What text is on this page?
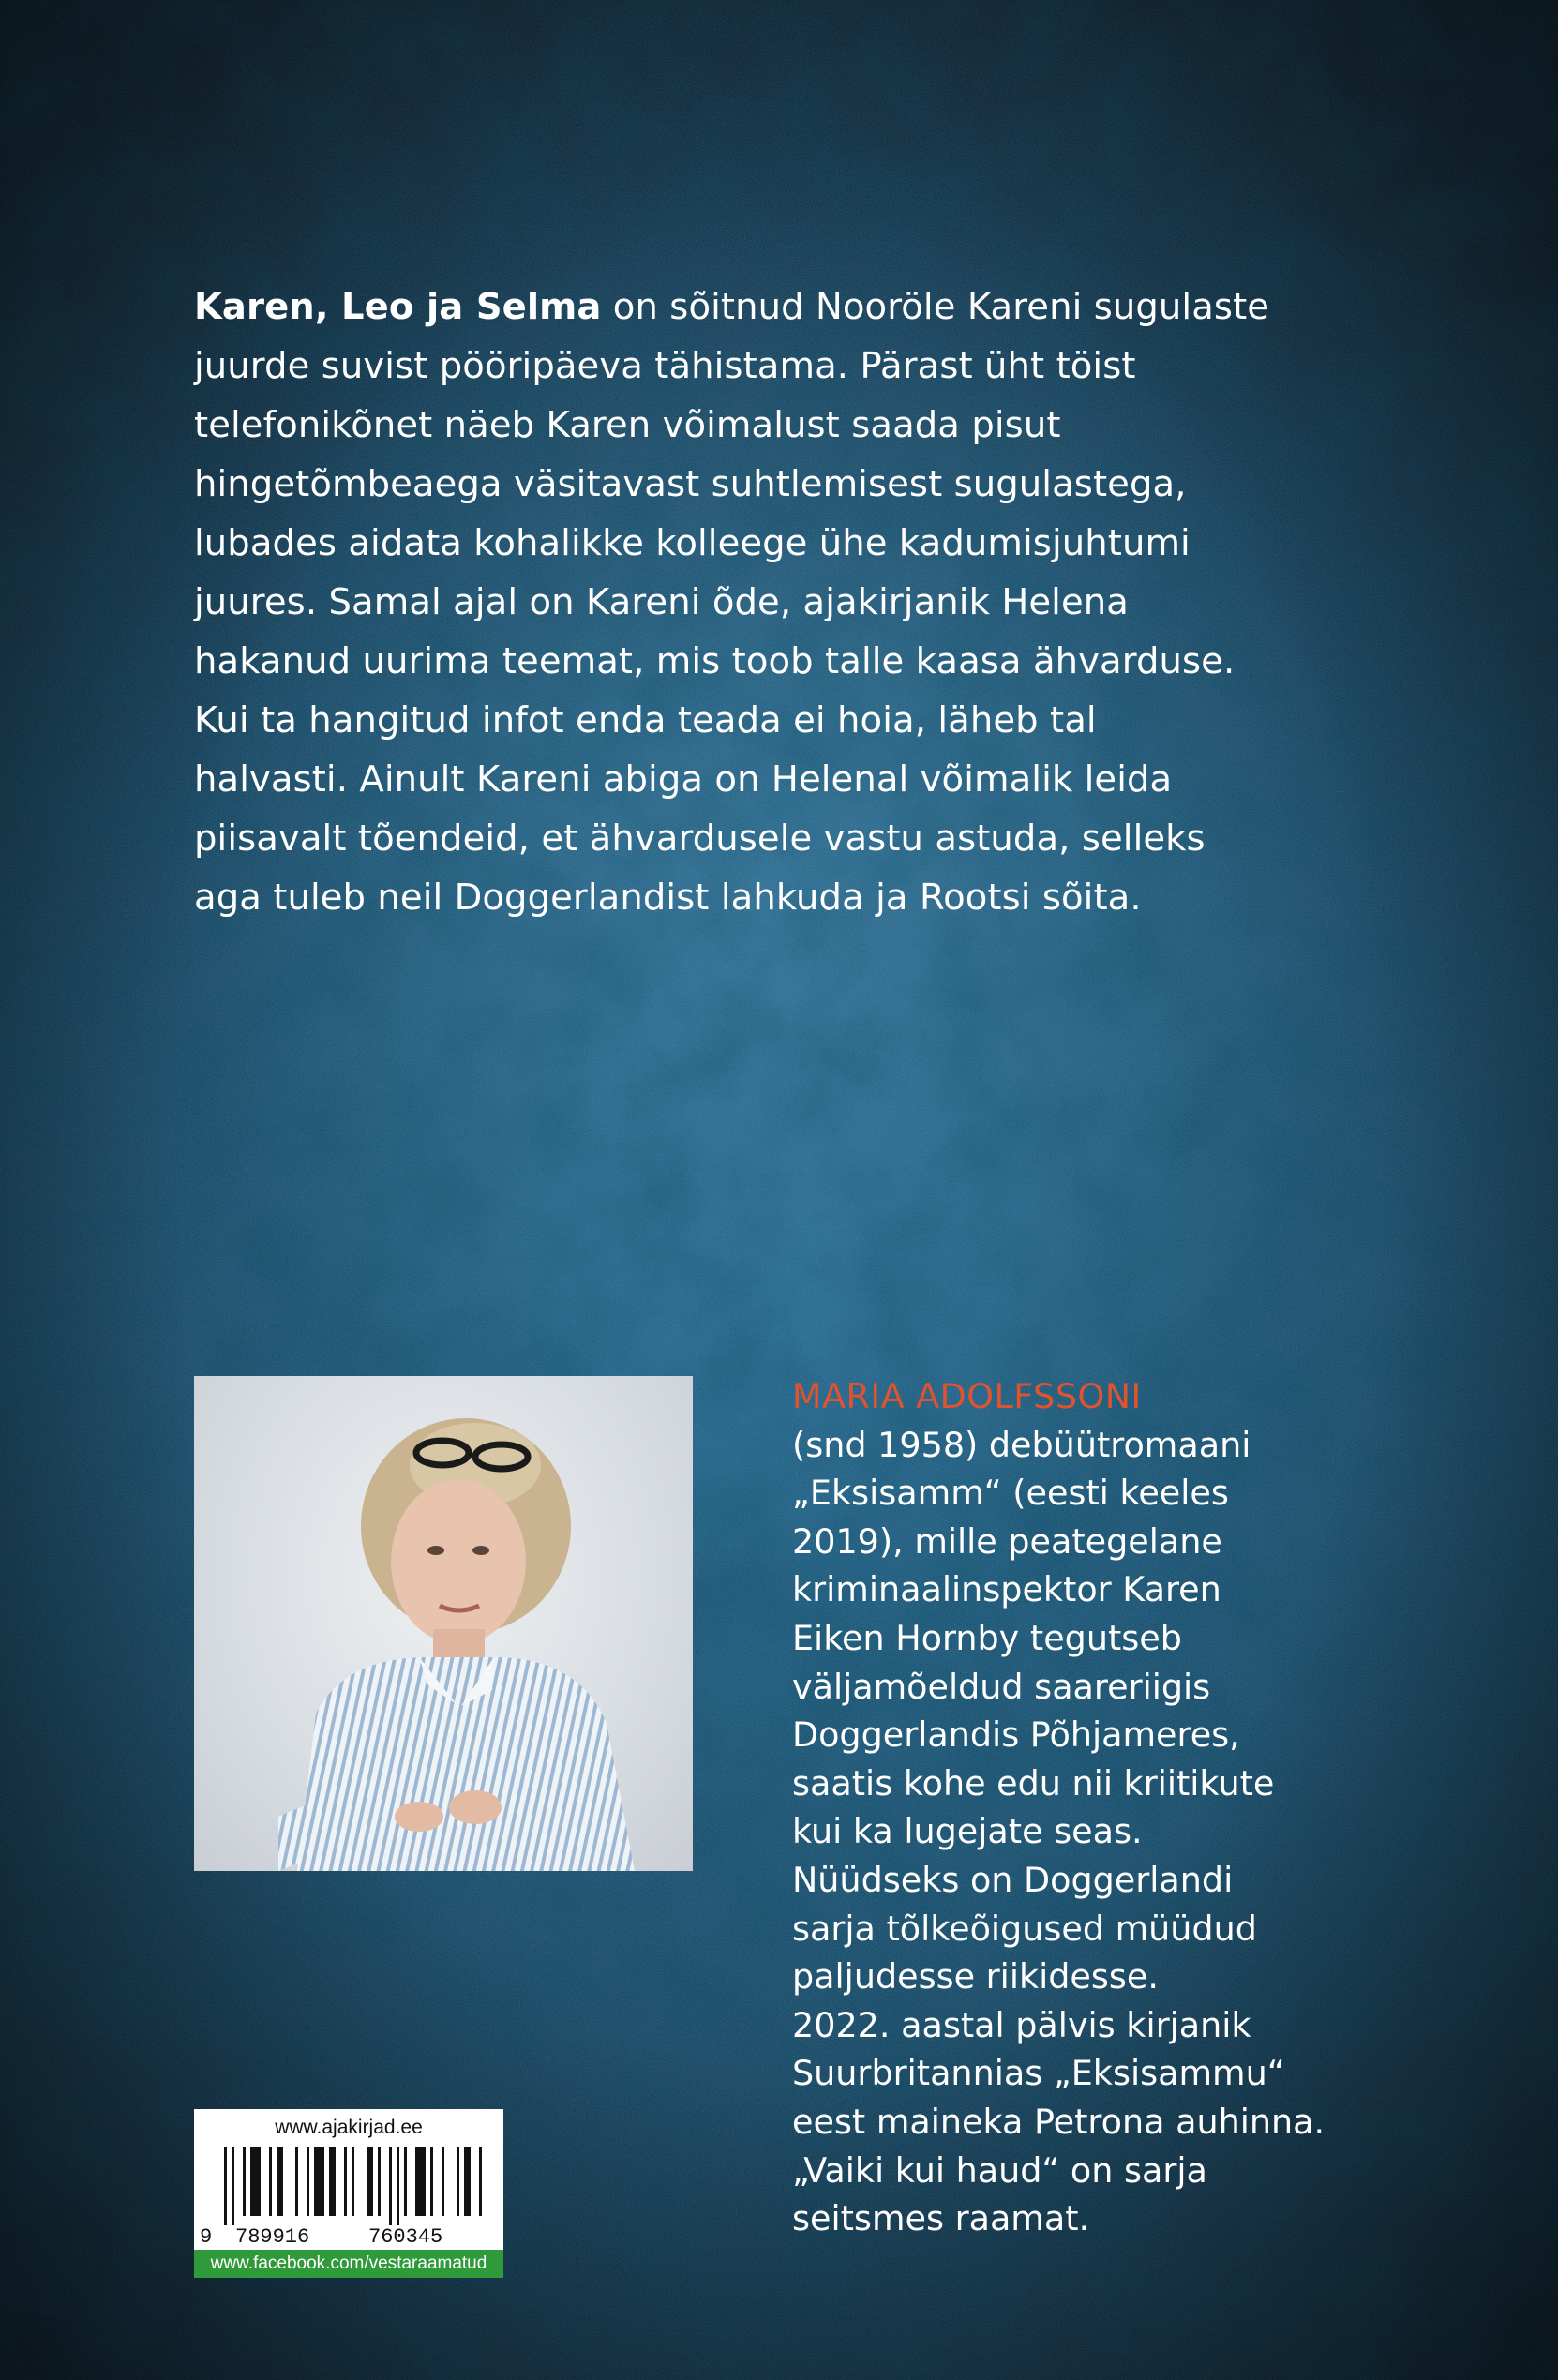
Karen, Leo ja Selma on sõitnud Nooröle Kareni sugulaste
juurde suvist pööripäeva tähistama. Pärast üht töist
telefonikõnet näeb Karen võimalust saada pisut
hingetõmbeaega väsitavast suhtlemisest sugulastega,
lubades aidata kohalikke kolleege ühe kadumisjuhtumi
juures. Samal ajal on Kareni õde, ajakirjanik Helena
hakanud uurima teemat, mis toob talle kaasa ähvarduse.
Kui ta hangitud infot enda teada ei hoia, läheb tal
halvasti. Ainult Kareni abiga on Helenal võimalik leida
piisavalt tõendeid, et ähvardusele vastu astuda, selleks
aga tuleb neil Doggerlandist lahkuda ja Rootsi sõita.
MARIA ADOLFSSONI
(snd 1958) debüütromaani
„Eksisamm“ (eesti keeles
2019), mille peategelane
kriminaalinspektor Karen
Eiken Hornby tegutseb
väljamõeldud saareriigis
Doggerlandis Põhjameres,
saatis kohe edu nii kriitikute
kui ka lugejate seas.
Nüüdseks on Doggerlandi
sarja tõlkeõigused müüdud
paljudesse riikidesse.
2022. aastal pälvis kirjanik
Suurbritannias „Eksisammu“
eest maineka Petrona auhinna.
„Vaiki kui haud“ on sarja
seitsmes raamat.
www.ajakirjad.ee
9 789916	760345
www.facebook.com/vestaraamatud
